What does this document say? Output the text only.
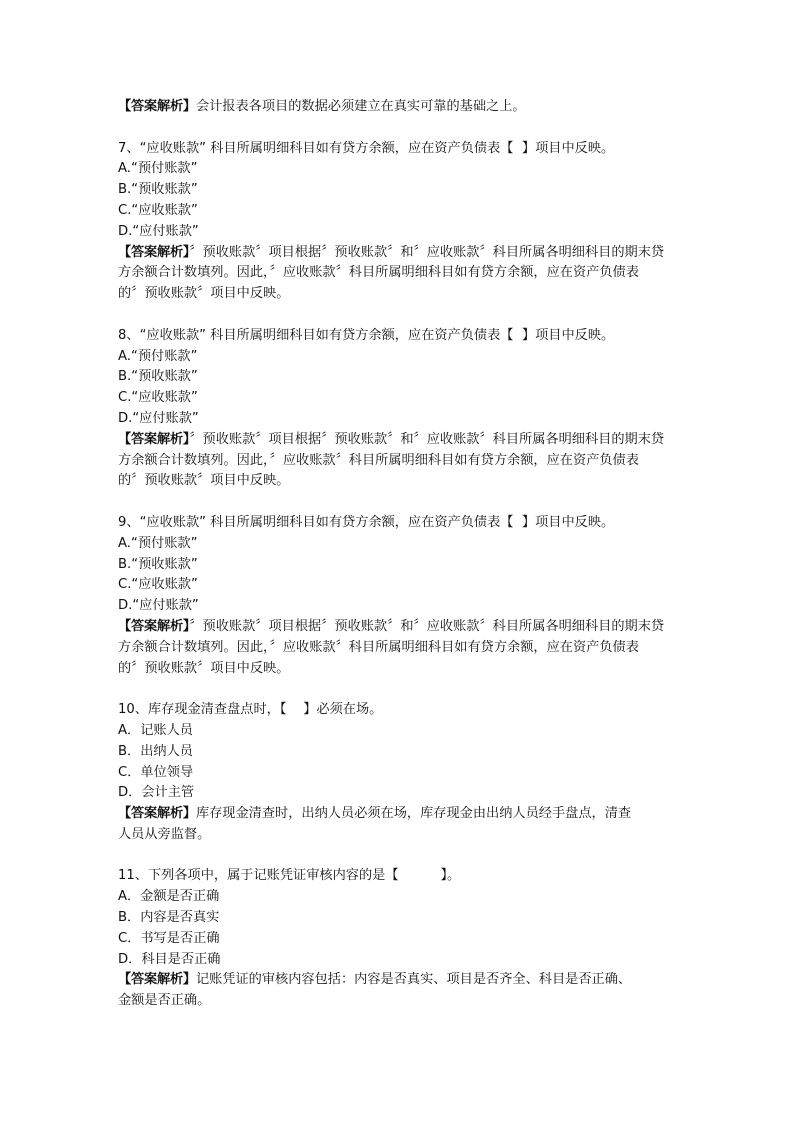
【答案解析】会计报表各项目的数据必须建立在真实可靠的基础之上。
7、“应收账款” 科目所属明细科目如有贷方余额，应在资产负债表【  】项目中反映。
A.“预付账款”
B.“预收账款”
C.“应收账款”
D.“应付账款”
【答案解析】〞预收账款〞项目根据〞预收账款〞和〞应收账款〞科目所属各明细科目的期末贷
方余额合计数填列。因此，〞应收账款〞科目所属明细科目如有贷方余额，应在资产负债表
的〞预收账款〞项目中反映。
8、“应收账款” 科目所属明细科目如有贷方余额，应在资产负债表【  】项目中反映。
A.“预付账款”
B.“预收账款”
C.“应收账款”
D.“应付账款”
【答案解析】〞预收账款〞项目根据〞预收账款〞和〞应收账款〞科目所属各明细科目的期末贷
方余额合计数填列。因此，〞应收账款〞科目所属明细科目如有贷方余额，应在资产负债表
的〞预收账款〞项目中反映。
9、“应收账款” 科目所属明细科目如有贷方余额，应在资产负债表【  】项目中反映。
A.“预付账款”
B.“预收账款”
C.“应收账款”
D.“应付账款”
【答案解析】〞预收账款〞项目根据〞预收账款〞和〞应收账款〞科目所属各明细科目的期末贷
方余额合计数填列。因此，〞应收账款〞科目所属明细科目如有贷方余额，应在资产负债表
的〞预收账款〞项目中反映。
10、库存现金清查盘点时，【    】必须在场。
A．记账人员
B．出纳人员
C．单位领导
D．会计主管
【答案解析】库存现金清查时，出纳人员必须在场，库存现金由出纳人员经手盘点，清查
人员从旁监督。
11、下列各项中，属于记账凭证审核内容的是【          】。
A．金额是否正确
B．内容是否真实
C．书写是否正确
D．科目是否正确
【答案解析】记账凭证的审核内容包括：内容是否真实、项目是否齐全、科目是否正确、
金额是否正确。
